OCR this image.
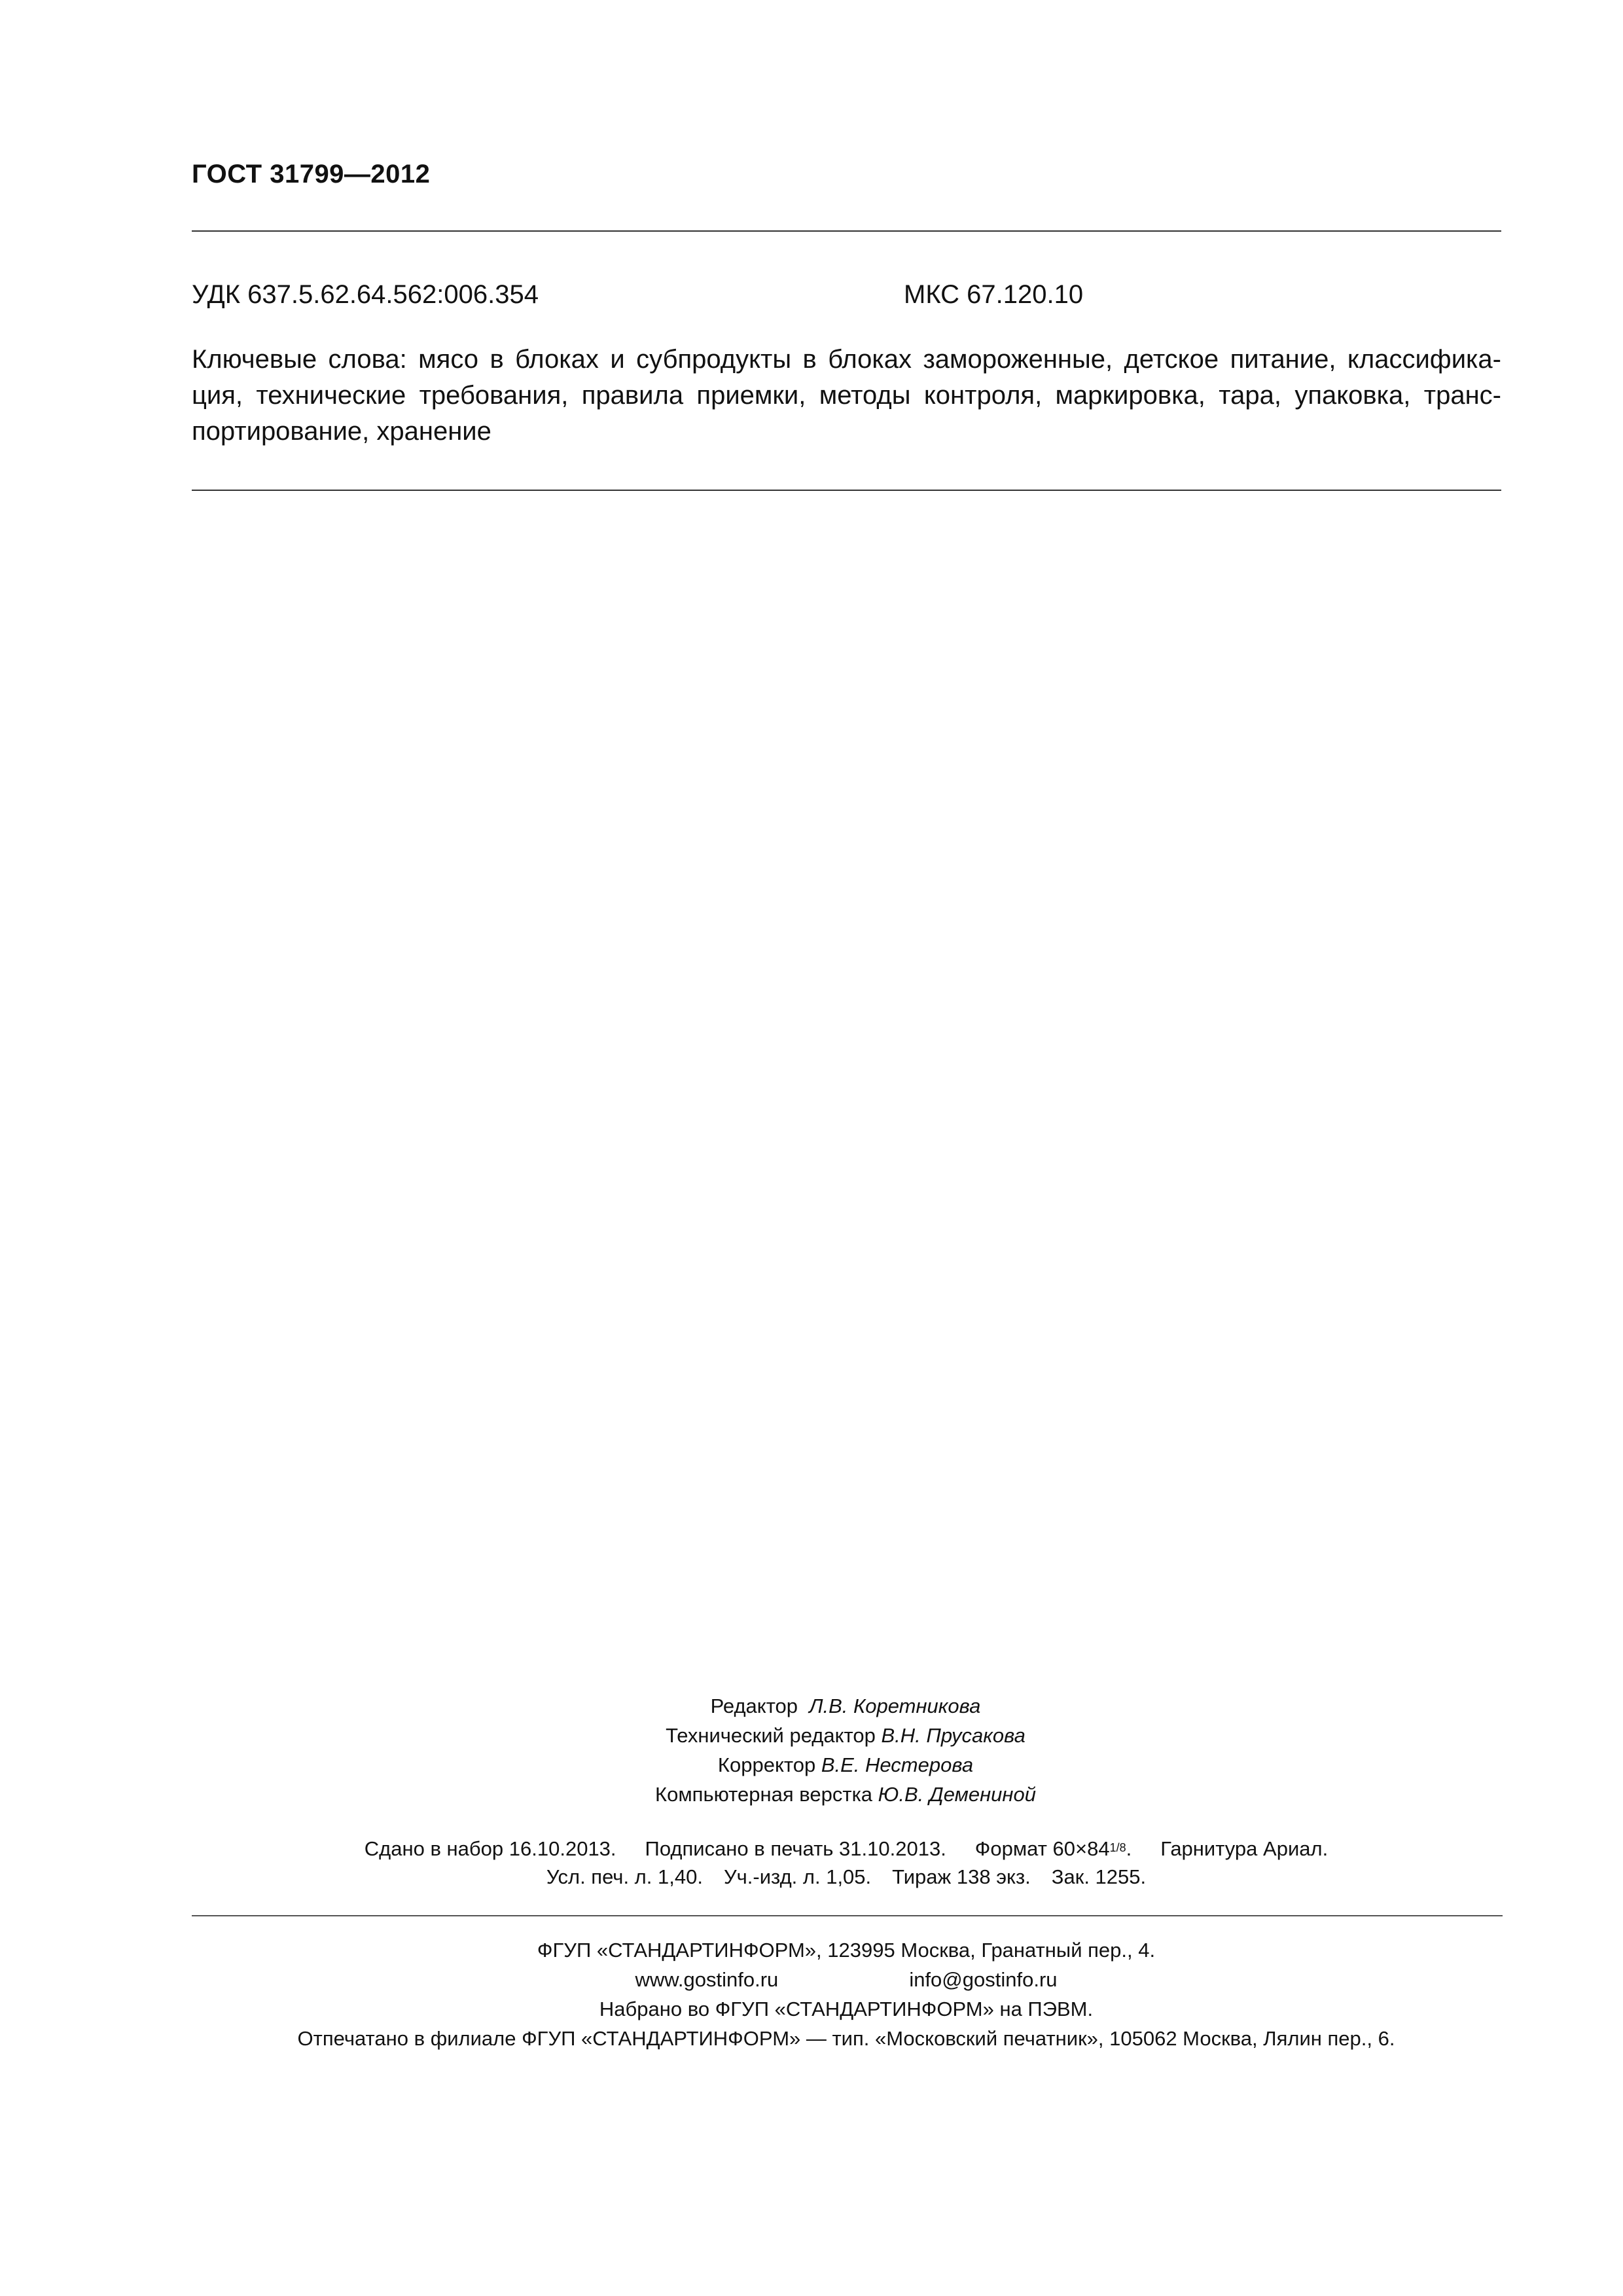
ГОСТ 31799—2012
УДК 637.5.62.64.562:006.354	МКС 67.120.10
Ключевые слова: мясо в блоках и субпродукты в блоках замороженные, детское питание, классифика-
ция, технические требования, правила приемки, методы контроля, маркировка, тара, упаковка, транс-
портирование, хранение
Редактор Л.В. Коретникова
Технический редактор В.Н. Прусакова
Корректор В.Е. Нестерова
Компьютерная верстка Ю.В. Демениной
Сдано в набор 16.10.2013. Подписано в печать 31.10.2013. Формат 60×841/8. Гарнитура Ариал.
Усл. печ. л. 1,40. Уч.-изд. л. 1,05. Тираж 138 экз. Зак. 1255.
ФГУП «СТАНДАРТИНФОРМ», 123995 Москва, Гранатный пер., 4.
www.gostinfo.ru	info@gostinfo.ru
Набрано во ФГУП «СТАНДАРТИНФОРМ» на ПЭВМ.
Отпечатано в филиале ФГУП «СТАНДАРТИНФОРМ» — тип. «Московский печатник», 105062 Москва, Лялин пер., 6.
